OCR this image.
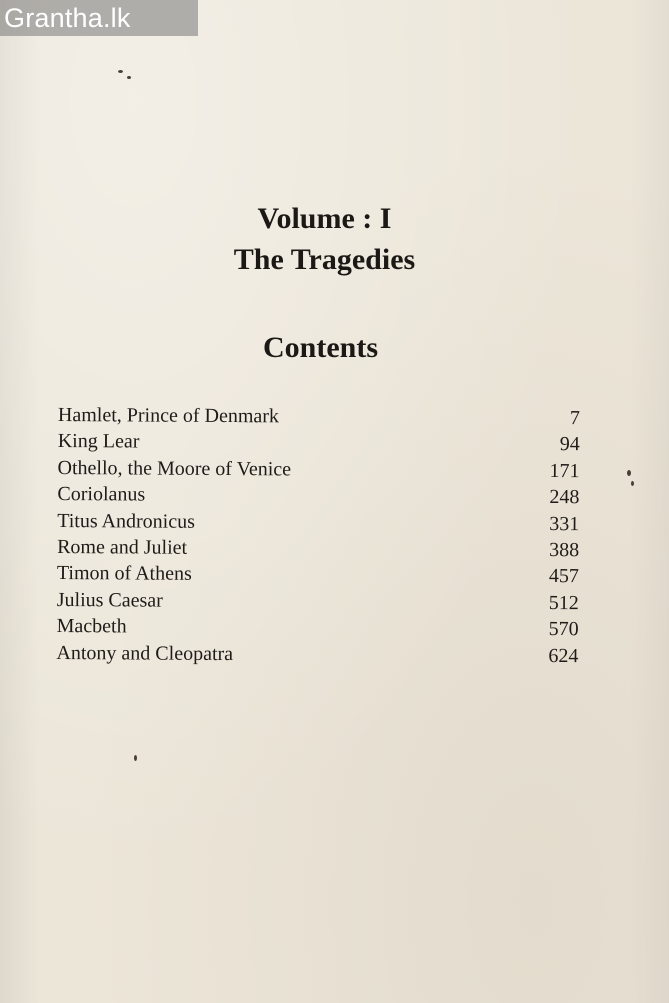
Grantha.lk
Volume : I
The Tragedies
Contents
Hamlet, Prince of Denmark	7
King Lear	94
Othello, the Moore of Venice	171
Coriolanus	248
Titus Andronicus	331
Rome and Juliet	388
Timon of Athens	457
Julius Caesar	512
Macbeth	570
Antony and Cleopatra	624
